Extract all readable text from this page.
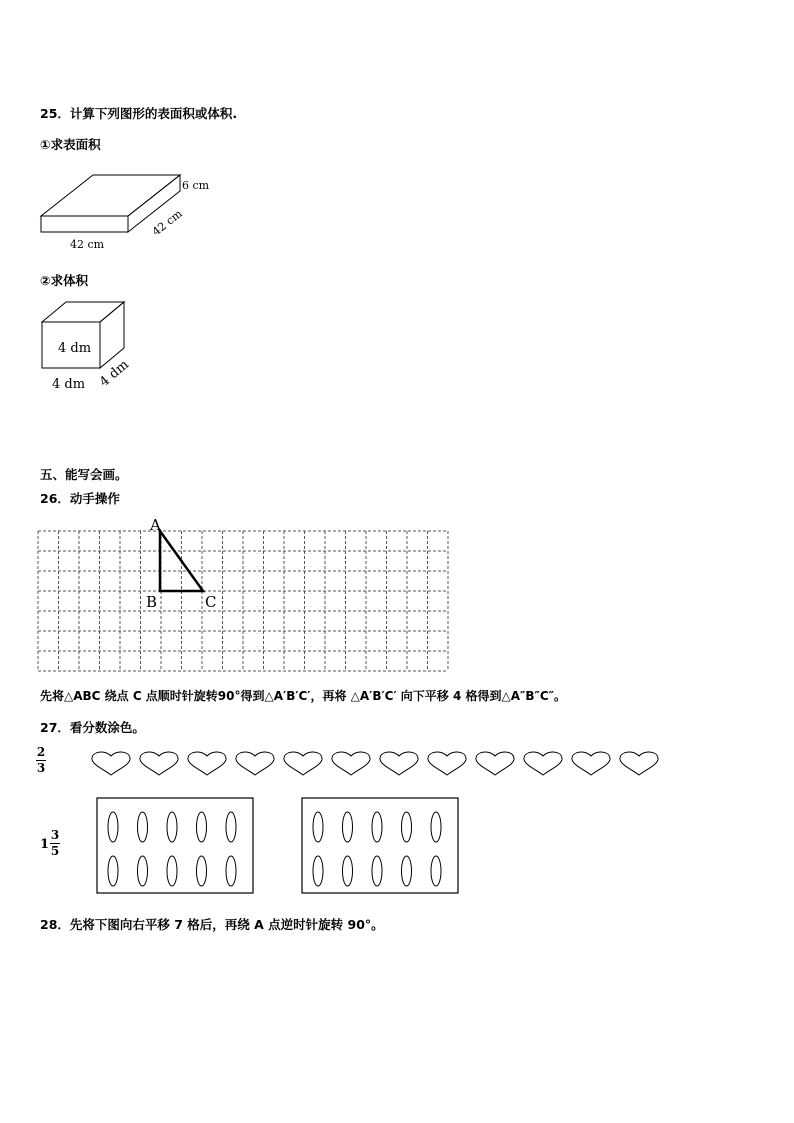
25．计算下列图形的表面积或体积.
①求表面积
6 cm
42 cm
42 cm
②求体积
4 dm
4 dm 4 dm
五、能写会画。
26．动手操作
A
B	C
先将△ABC 绕点 C 点顺时针旋转90°得到△A′B′C′，再将 △A′B′C′ 向下平移 4 格得到△A″B″C″。
27．看分数涂色。
2
3
1
3
5
28．先将下图向右平移 7 格后，再绕 A 点逆时针旋转 90°。
